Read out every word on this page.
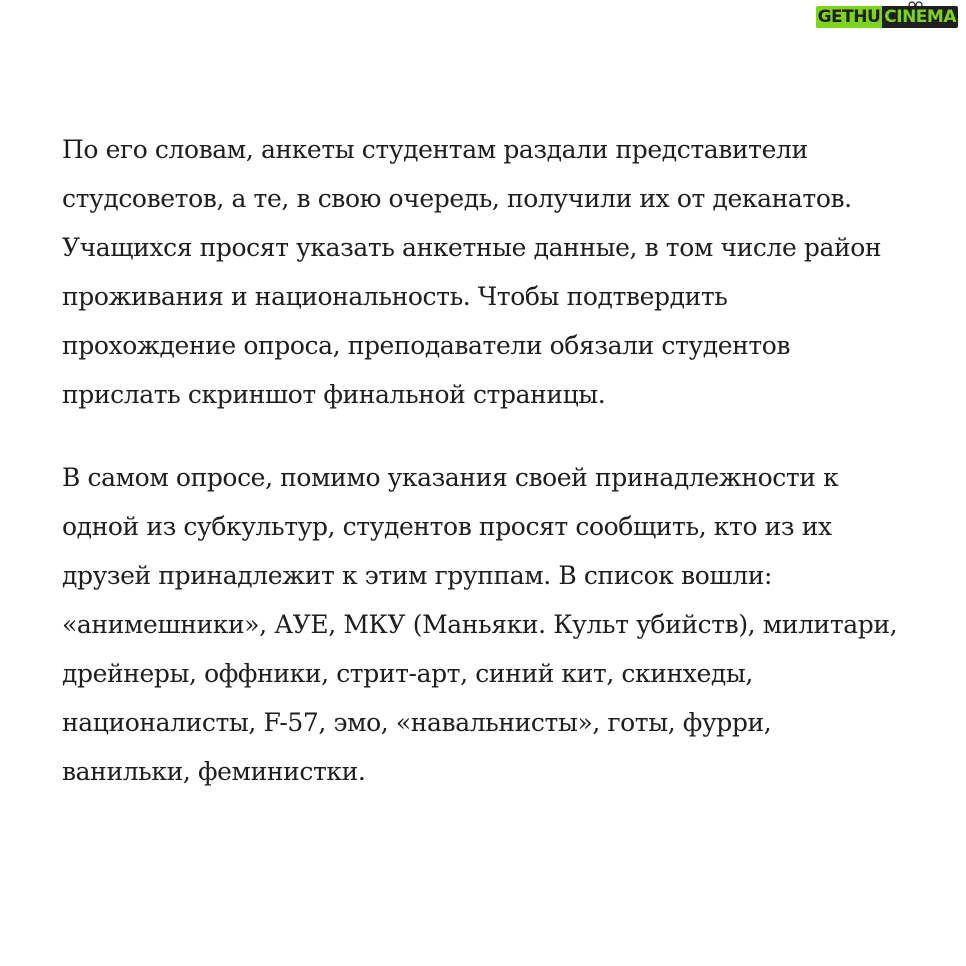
GETHU CINEMA

По его словам, анкеты студентам раздали представители
студсоветов, а те, в свою очередь, получили их от деканатов.
Учащихся просят указать анкетные данные, в том числе район
проживания и национальность. Чтобы подтвердить
прохождение опроса, преподаватели обязали студентов
прислать скриншот финальной страницы.

В самом опросе, помимо указания своей принадлежности к
одной из субкультур, студентов просят сообщить, кто из их
друзей принадлежит к этим группам. В список вошли:
«анимешники», АУЕ, МКУ (Маньяки. Культ убийств), милитари,
дрейнеры, оффники, стрит-арт, синий кит, скинхеды,
националисты, F-57, эмо, «навальнисты», готы, фурри,
ванильки, феминистки.
